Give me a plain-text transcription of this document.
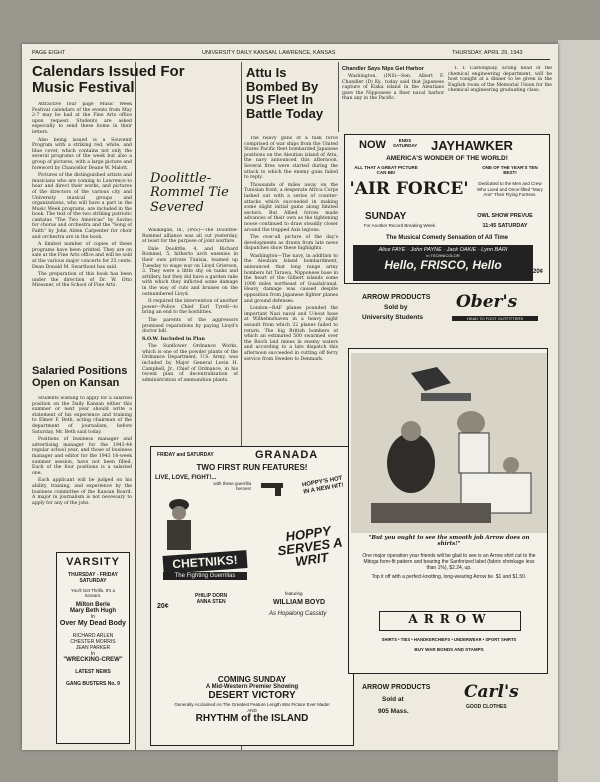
PAGE EIGHT	UNIVERSITY DAILY KANSAN, LAWRENCE, KANSAS	THURSDAY, APRIL 29, 1943
Calendars Issued For Music Festival

Attractive four page Music Week Festival calendars of the events from May 2-7 may be had at the Fine Arts office upon request. Students are asked especially to send these home in their letters.

Also being issued is a Souvenir Program with a striking red, white, and blue cover, which contains not only the several programs of the week but also a group of pictures, with a large picture and foreword by Chancellor Deane W. Malott.

Pictures of the distinguished artists and musicians who are coming to Lawrence to hear and direct their works, and pictures of the directors of the various city and University musical groups and organizations, who will have a part in the Music Week programs, are included in the book. The text of the two striking patriotic cantatas "The Two Americas" by Savino for chorus and orchestra and the "Song of Faith" by John Alden Carpenter for choir and orchestra are in the book.

A limited number of copies of these programs have been printed. They are on sale at the Fine Arts office and will be sold at the various major concerts for 25 cents. Dean Donald M. Swarthout has said.

The preparation of this book has been under the direction of Dr. W. Otto Miessner, of the School of Fine Arts.

Salaried Positions Open on Kansan

Students wishing to apply for a salaried position on the Daily Kansan either this summer or next year should write a statement of his experience and training to Elmer F. Beth, acting chairman of the department of journalism, before Saturday, Mr. Beth said today.

Positions of business manager and advertising manager for the 1943-44 regular school year, and those of business manager and editor for the 1943 16-week summer session, have not been filled. Each of the four positions is a salaried one.

Each applicant will be judged on his ability, training, and experience by the business committee of the Kansan Board. A major in journalism is not necessary to apply for any of the jobs.

VARSITY
THURSDAY - FRIDAY
SATURDAY
You'll Get Thrills. It's a Scream.
Milton Berle
Mary Beth Hugh
In
Over My Dead Body
RICHARD ARLEN
CHESTER MORRIS
JEAN PARKER
In
"WRECKING-CREW"
LATEST NEWS
GANG BUSTERS No. 9
Doolittle-Rommel Tie Severed

Waukegan, Ill., (INS)—The Doolittle-Rommel alliance was all cut yesterday, at least for the purpose of joint warfare.

Dale Doolittle, 4, and Richard Rommel, 5, hitherto arch enemies in their own private Tunisia, teamed up Tuesday to wage war on Lloyd Grierson, 3. They were a little shy on tanks and artillery, but they did have a garden rake with which they inflicted some damage in the way of cuts and bruises on the outnumbered Lloyd.

It required the intervention of another power—Police Chief Earl Tyrell—to bring an end to the hostilities.

The parents of the aggressors promised reparations by paying Lloyd's doctor bill.

S.O.W. Included in Plan

The Sunflower Ordnance Works, which is one of the powder plants of the Ordnance Department, U.S. Army, was included by Major General Levin H. Campbell, Jr., Chief of Ordnance, in his recent plan of decentralization of administration of ammunition plants.

Attu Is Bombed By US Fleet In Battle Today

The heavy guns of a task force comprised of war ships from the United States Pacific fleet bombarded Japanese positions on the Aleutian island of Attu, the navy announced this afternoon. Several fires were started during the attack to which the enemy guns failed to reply.

Thousands of miles away on the Tunisian front, a desperate Africa Corps lashed out with a series of counter-attacks which succeeded in making some slight initial gains along limited sectors. But Allied forces made advances of their own as the tightening noose continued to draw steadily closer around the trapped Axis legions.

The over-all picture of the day's developments as drawn from late news dispatches show these highlights.

Washington—The navy, in addition to the Aleutian Island bombardment, announced that long range army bombers hit Tarawa, Nipponese base in the heart of the Gilbert islands some 1000 miles northeast of Guadalcanal. Heavy damage was caused despite opposition from Japanese fighter planes and ground defenses.

London—RAF planes pounded the important Nazi naval and U-boat base at Wilhelmshaven in a heavy night assault from which 22 planes failed to return. The big British bombers of which an estimated 500 swarmed over the Reich laid mines in enemy waters and according to a late dispatch this afternoon succeeded in cutting off ferry service from Sweden to Denmark.

FRIDAY and SATURDAY	GRANADA
TWO FIRST RUN FEATURES!
LIVE, LOVE, FIGHT!...
with these guerrilla heroes!
CHETNIKS!
The Fighting Guerrillas
20¢
PHILIP DORN
ANNA STEN
HOPPY'S HOT IN A NEW HIT!
HOPPY SERVES A WRIT
featuring
WILLIAM BOYD
As Hopalong Cassidy
COMING SUNDAY
A Mid-Western Premier Showing
DESERT VICTORY
Generally Acclaimed As The Greatest Feature Length War Picture Ever Made!
AND
RHYTHM of the ISLAND
Chandler Says Nips Get Harbor

Washington, (INS)—Sen. Albert F. Chandler (D) Ky., today said that Japanese capture of Kiska island in the Aleutians gave the Nipponese a finer naval harbor than any in the Pacific.

T. T. Castonguay, acting head of the chemical engineering department, will be host tonight at a dinner to be given in the English room of the Memorial Union for the chemical engineering graduating class.

NOW	ENDS SATURDAY JAYHAWKER
AMERICA'S WONDER OF THE WORLD!
ALL THAT A GREAT PICTURE CAN BE!
ONE OF THE YEAR'S TEN BEST!
'AIR FORCE'	Dedicated to the Men and Crew Who Lived and Once-lifted "Mary Ann" Their Flying Fortress.
SUNDAY
For Another Record Breaking Week.
OWL SHOW PREVUE
11:45 SATURDAY
The Musical Comedy Sensation of All Time
Alice FAYE · John PAYNE · Jack OAKIE · Lynn BARI
in TECHNICOLOR
Hello, FRISCO, Hello	20¢
ARROW PRODUCTS
Sold by
University Students
Ober's
HEAD TO FOOT OUTFITTERS
"But you ought to see the smooth job Arrow does on shirts!"

One major operation your friends will be glad to see is an Arrow shirt cut to the Mitoga form-fit pattern and bearing the Sanforized label (fabric shrinkage less than 1%), $2.24, up.

Top it off with a perfect-knotting, long-wearing Arrow tie. $1 and $1.50.

ARROW
SHIRTS • TIES • HANDKERCHIEFS • UNDERWEAR • SPORT SHIRTS
BUY WAR BONDS AND STAMPS
ARROW PRODUCTS
Sold at
905 Mass.
Carl's
GOOD CLOTHES
